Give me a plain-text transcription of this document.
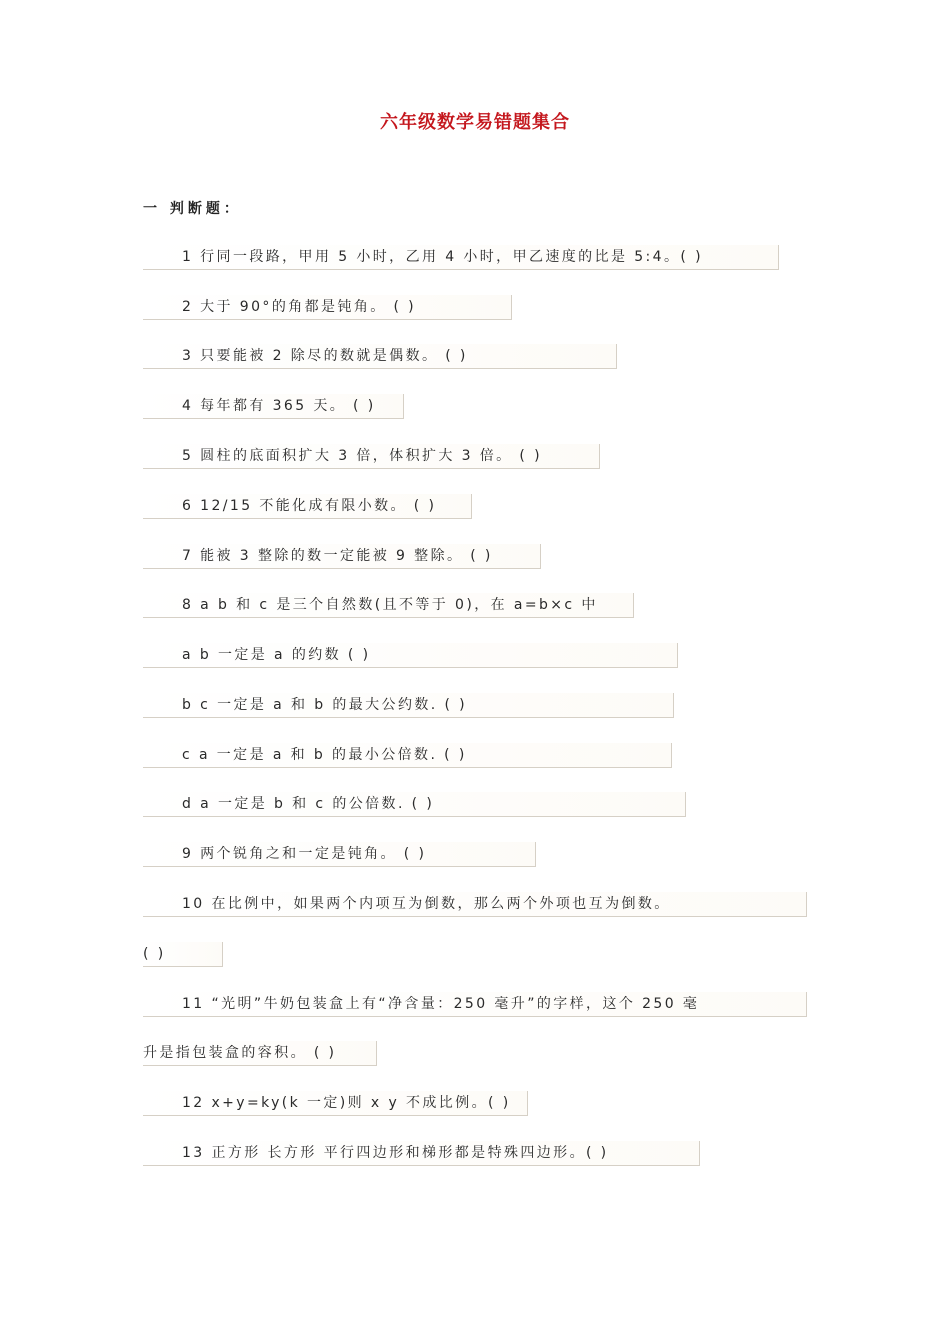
六年级数学易错题集合
一 判断题：
1 行同一段路，甲用 5 小时，乙用 4 小时，甲乙速度的比是 5:4。( )
2 大于 90°的角都是钝角。 ( )
3 只要能被 2 除尽的数就是偶数。 ( )
4 每年都有 365 天。 ( )
5 圆柱的底面积扩大 3 倍，体积扩大 3 倍。 ( )
6 12/15 不能化成有限小数。 ( )
7 能被 3 整除的数一定能被 9 整除。 ( )
8 a b 和 c 是三个自然数(且不等于 0)，在 a=b×c 中
a b 一定是 a 的约数 ( )
b c 一定是 a 和 b 的最大公约数. ( )
c a 一定是 a 和 b 的最小公倍数. ( )
d a 一定是 b 和 c 的公倍数. ( )
9 两个锐角之和一定是钝角。 ( )
10 在比例中，如果两个内项互为倒数，那么两个外项也互为倒数。
( )
11 “光明”牛奶包装盒上有“净含量：250 毫升”的字样，这个 250 毫
升是指包装盒的容积。 ( )
12 x+y=ky(k 一定)则 x y 不成比例。( )
13 正方形 长方形 平行四边形和梯形都是特殊四边形。( )
